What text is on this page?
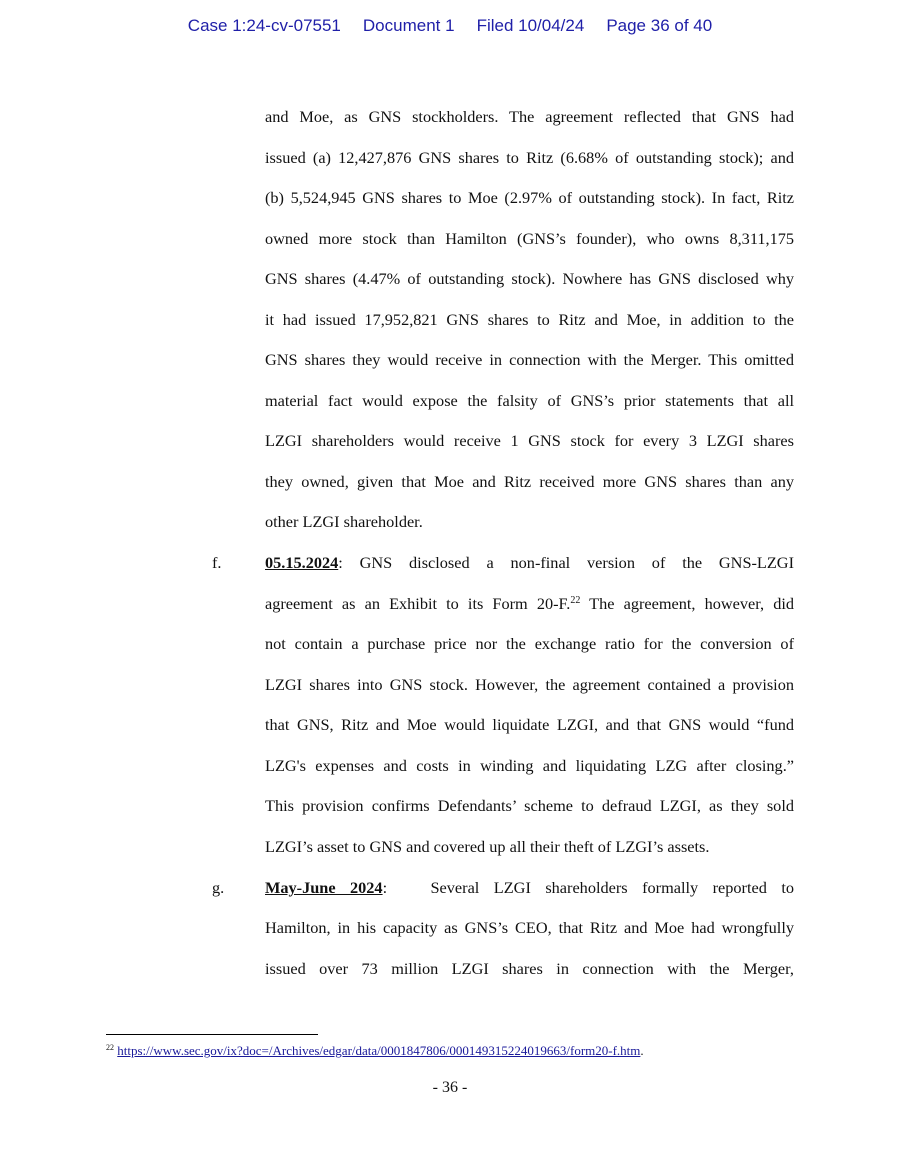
Case 1:24-cv-07551 Document 1 Filed 10/04/24 Page 36 of 40
and Moe, as GNS stockholders. The agreement reflected that GNS had
issued (a) 12,427,876 GNS shares to Ritz (6.68% of outstanding stock); and
(b) 5,524,945 GNS shares to Moe (2.97% of outstanding stock). In fact, Ritz
owned more stock than Hamilton (GNS’s founder), who owns 8,311,175
GNS shares (4.47% of outstanding stock). Nowhere has GNS disclosed why
it had issued 17,952,821 GNS shares to Ritz and Moe, in addition to the
GNS shares they would receive in connection with the Merger. This omitted
material fact would expose the falsity of GNS’s prior statements that all
LZGI shareholders would receive 1 GNS stock for every 3 LZGI shares
they owned, given that Moe and Ritz received more GNS shares than any
other LZGI shareholder.
f.	05.15.2024: GNS disclosed a non-final version of the GNS-LZGI
agreement as an Exhibit to its Form 20-F.$^{22}$ The agreement, however, did
not contain a purchase price nor the exchange ratio for the conversion of
LZGI shares into GNS stock. However, the agreement contained a provision
that GNS, Ritz and Moe would liquidate LZGI, and that GNS would “fund
LZG's expenses and costs in winding and liquidating LZG after closing.”
This provision confirms Defendants’ scheme to defraud LZGI, as they sold
LZGI’s asset to GNS and covered up all their theft of LZGI’s assets.
g.	May-June 2024:   Several LZGI shareholders formally reported to
Hamilton, in his capacity as GNS’s CEO, that Ritz and Moe had wrongfully
issued over 73 million LZGI shares in connection with the Merger,
$^{22}$ https://www.sec.gov/ix?doc=/Archives/edgar/data/0001847806/000149315224019663/form20-f.htm.
- 36 -
